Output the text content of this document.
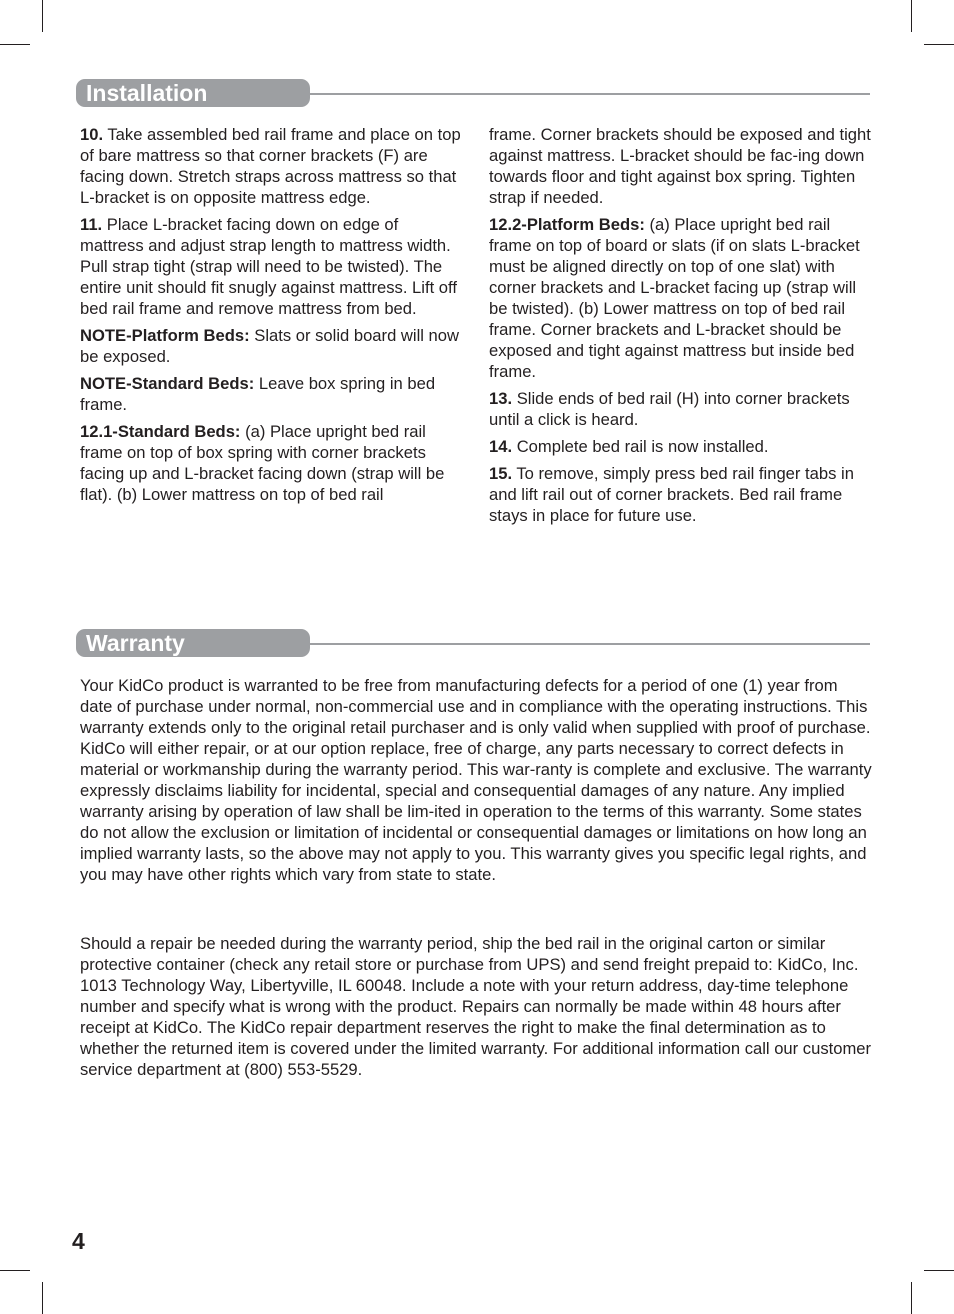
Installation

10. Take assembled bed rail frame and place on top of bare mattress so that corner brackets (F) are facing down. Stretch straps across mattress so that L-bracket is on opposite mattress edge.

11. Place L-bracket facing down on edge of mattress and adjust strap length to mattress width. Pull strap tight (strap will need to be twisted). The entire unit should fit snugly against mattress. Lift off bed rail frame and remove mattress from bed.

NOTE-Platform Beds: Slats or solid board will now be exposed.

NOTE-Standard Beds: Leave box spring in bed frame.

12.1-Standard Beds: (a) Place upright bed rail frame on top of box spring with corner brackets facing up and L-bracket facing down (strap will be flat). (b) Lower mattress on top of bed rail

frame. Corner brackets should be exposed and tight against mattress. L-bracket should be fac-ing down towards floor and tight against box spring. Tighten strap if needed.

12.2-Platform Beds: (a) Place upright bed rail frame on top of board or slats (if on slats L-bracket must be aligned directly on top of one slat) with corner brackets and L-bracket facing up (strap will be twisted). (b) Lower mattress on top of bed rail frame. Corner brackets and L-bracket should be exposed and tight against mattress but inside bed frame.

13. Slide ends of bed rail (H) into corner brackets until a click is heard.

14. Complete bed rail is now installed.

15. To remove, simply press bed rail finger tabs in and lift rail out of corner brackets. Bed rail frame stays in place for future use.

Warranty

Your KidCo product is warranted to be free from manufacturing defects for a period of one (1) year from date of purchase under normal, non-commercial use and in compliance with the operating instructions. This warranty extends only to the original retail purchaser and is only valid when supplied with proof of purchase. KidCo will either repair, or at our option replace, free of charge, any parts necessary to correct defects in material or workmanship during the warranty period. This war-ranty is complete and exclusive. The warranty expressly disclaims liability for incidental, special and consequential damages of any nature. Any implied warranty arising by operation of law shall be lim-ited in operation to the terms of this warranty. Some states do not allow the exclusion or limitation of incidental or consequential damages or limitations on how long an implied warranty lasts, so the above may not apply to you. This warranty gives you specific legal rights, and you may have other rights which vary from state to state.

Should a repair be needed during the warranty period, ship the bed rail in the original carton or similar protective container (check any retail store or purchase from UPS) and send freight prepaid to: KidCo, Inc. 1013 Technology Way, Libertyville, IL 60048. Include a note with your return address, day-time telephone number and specify what is wrong with the product. Repairs can normally be made within 48 hours after receipt at KidCo. The KidCo repair department reserves the right to make the final determination as to whether the returned item is covered under the limited warranty. For additional information call our customer service department at (800) 553-5529.

4
